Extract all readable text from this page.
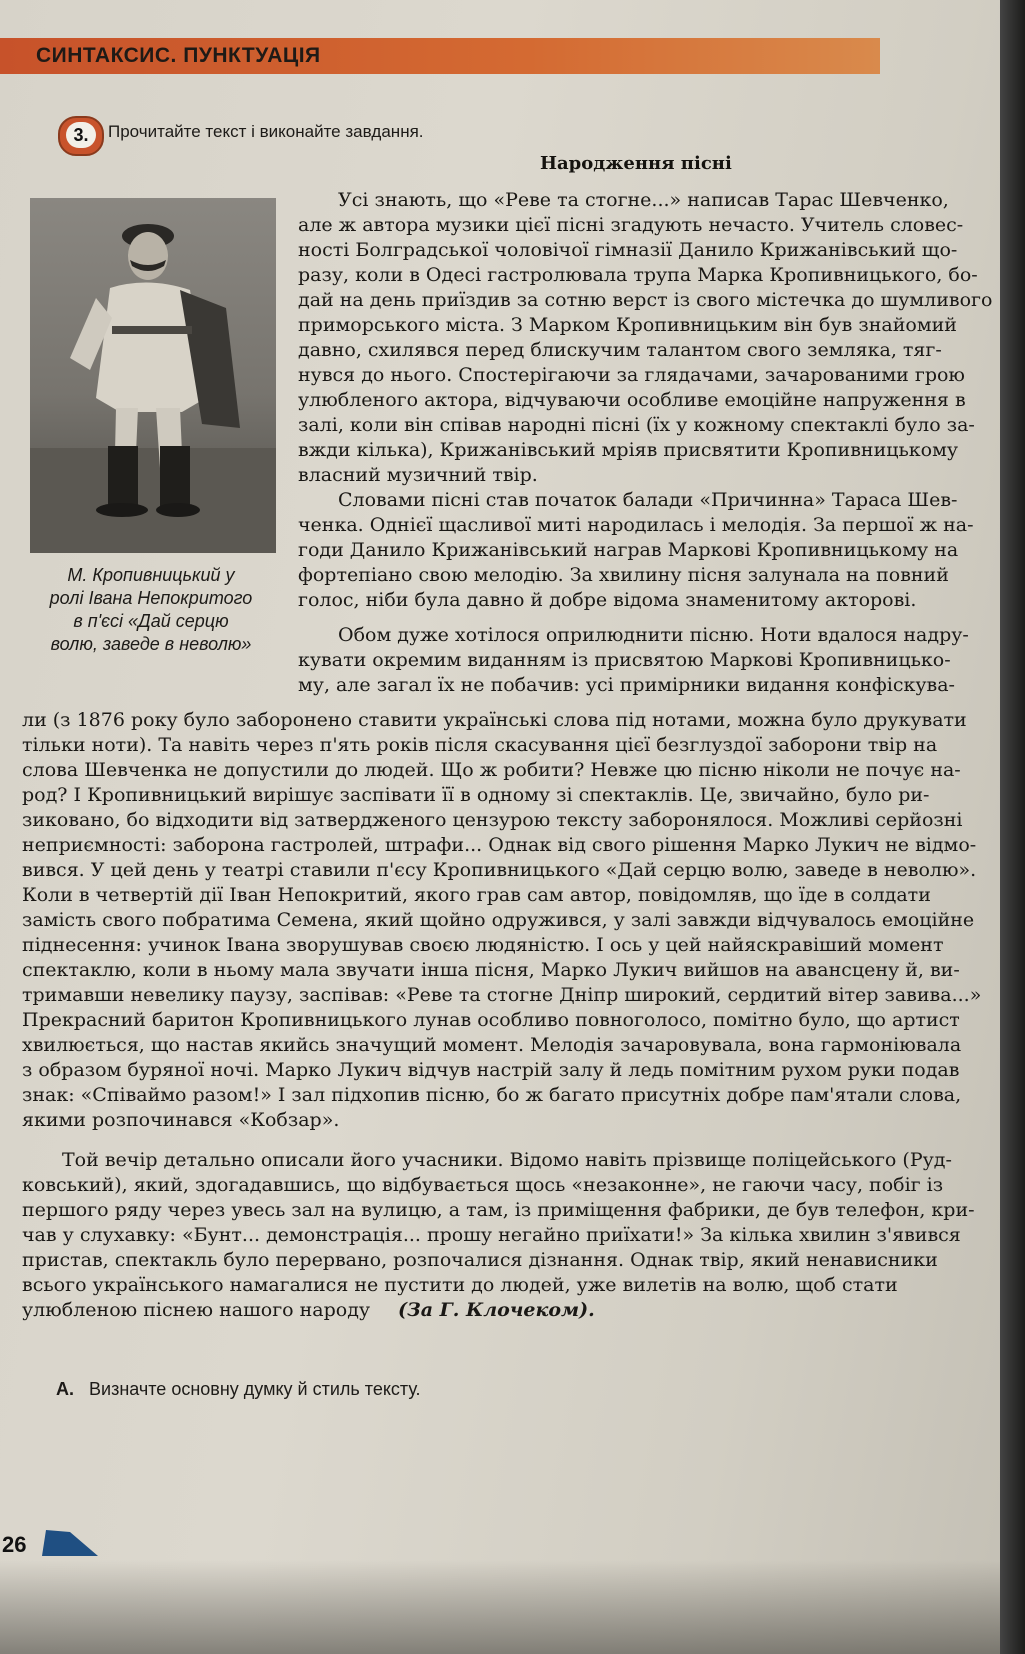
СИНТАКСИС. ПУНКТУАЦІЯ
3.	Прочитайте текст і виконайте завдання.
Народження пісні
М. Кропивницький у
ролі Івана Непокритого
в п'єсі «Дай серцю
волю, заведе в неволю»
Усі знають, що «Реве та стогне...» написав Тарас Шевченко,
але ж автора музики цієї пісні згадують нечасто. Учитель словес-
ності Болградської чоловічої гімназії Данило Крижанівський що-
разу, коли в Одесі гастролювала трупа Марка Кропивницького, бо-
дай на день приїздив за сотню верст із свого містечка до шумливого
приморського міста. З Марком Кропивницьким він був знайомий
давно, схилявся перед блискучим талантом свого земляка, тяг-
нувся до нього. Спостерігаючи за глядачами, зачарованими грою
улюбленого актора, відчуваючи особливе емоційне напруження в
залі, коли він співав народні пісні (їх у кожному спектаклі було за-
вжди кілька), Крижанівський мріяв присвятити Кропивницькому
власний музичний твір.
Словами пісні став початок балади «Причинна» Тараса Шев-
ченка. Однієї щасливої миті народилась і мелодія. За першої ж на-
годи Данило Крижанівський награв Маркові Кропивницькому на
фортепіано свою мелодію. За хвилину пісня залунала на повний
голос, ніби була давно й добре відома знаменитому акторові.
Обом дуже хотілося оприлюднити пісню. Ноти вдалося надру-
кувати окремим виданням із присвятою Маркові Кропивницько-
му, але загал їх не побачив: усі примірники видання конфіскува-
ли (з 1876 року було заборонено ставити українські слова під нотами, можна було друкувати
тільки ноти). Та навіть через п'ять років після скасування цієї безглуздої заборони твір на
слова Шевченка не допустили до людей. Що ж робити? Невже цю пісню ніколи не почує на-
род? І Кропивницький вирішує заспівати її в одному зі спектаклів. Це, звичайно, було ри-
зиковано, бо відходити від затвердженого цензурою тексту заборонялося. Можливі серйозні
неприємності: заборона гастролей, штрафи... Однак від свого рішення Марко Лукич не відмо-
вився. У цей день у театрі ставили п'єсу Кропивницького «Дай серцю волю, заведе в неволю».
Коли в четвертій дії Іван Непокритий, якого грав сам автор, повідомляв, що їде в солдати
замість свого побратима Семена, який щойно одружився, у залі завжди відчувалось емоційне
піднесення: учинок Івана зворушував своєю людяністю. І ось у цей найяскравіший момент
спектаклю, коли в ньому мала звучати інша пісня, Марко Лукич вийшов на авансцену й, ви-
тримавши невелику паузу, заспівав: «Реве та стогне Дніпр широкий, сердитий вітер завива...»
Прекрасний баритон Кропивницького лунав особливо повноголосо, помітно було, що артист
хвилюється, що настав якийсь значущий момент. Мелодія зачаровувала, вона гармоніювала
з образом буряної ночі. Марко Лукич відчув настрій залу й ледь помітним рухом руки подав
знак: «Співаймо разом!» І зал підхопив пісню, бо ж багато присутніх добре пам'ятали слова,
якими розпочинався «Кобзар».
Той вечір детально описали його учасники. Відомо навіть прізвище поліцейського (Руд-
ковський), який, здогадавшись, що відбувається щось «незаконне», не гаючи часу, побіг із
першого ряду через увесь зал на вулицю, а там, із приміщення фабрики, де був телефон, кри-
чав у слухавку: «Бунт... демонстрація... прошу негайно приїхати!» За кілька хвилин з'явився
пристав, спектакль було перервано, розпочалися дізнання. Однак твір, який ненависники
всього українського намагалися не пустити до людей, уже вилетів на волю, щоб стати
улюбленою піснею нашого народу (За Г. Клочеком).
А. Визначте основну думку й стиль тексту.
26
